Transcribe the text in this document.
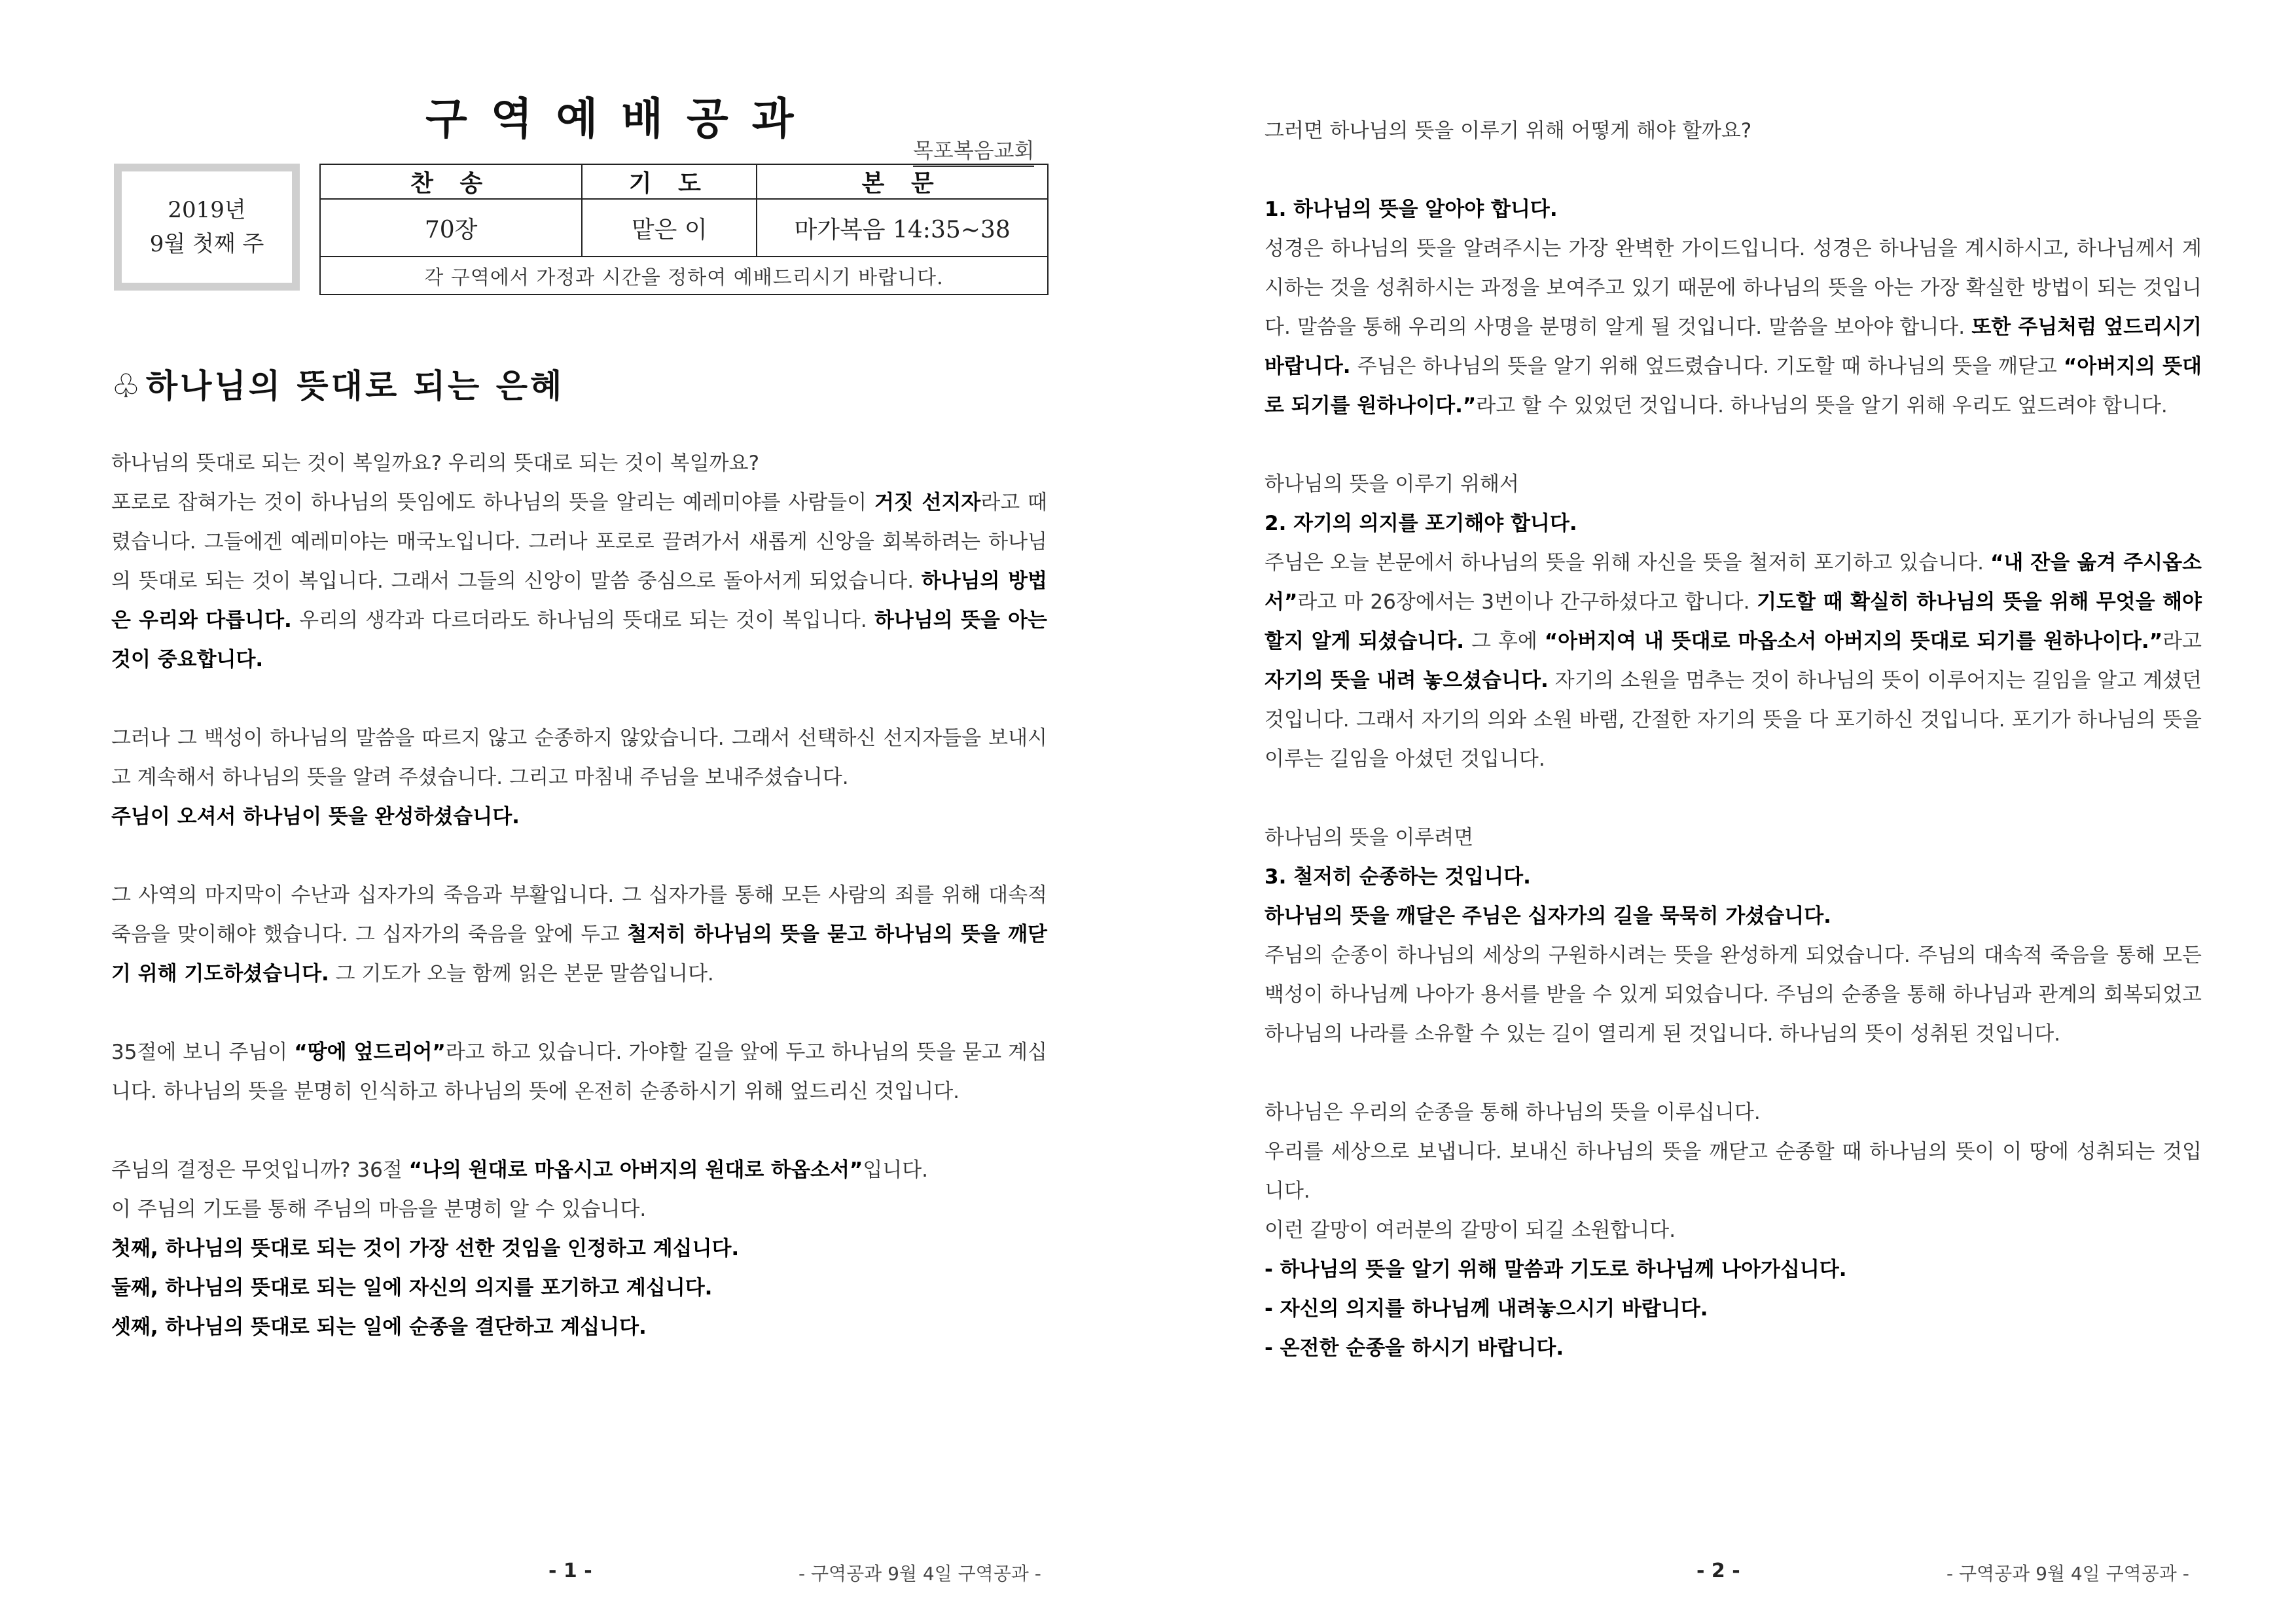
구역예배공과
목포복음교회
2019년
9월 첫째 주
찬 송	기 도	본 문
70장	맡은 이	마가복음 14:35~38
각 구역에서 가정과 시간을 정하여 예배드리시기 바랍니다.		
♧하나님의 뜻대로 되는 은혜

하나님의 뜻대로 되는 것이 복일까요? 우리의 뜻대로 되는 것이 복일까요?

포로로 잡혀가는 것이 하나님의 뜻임에도 하나님의 뜻을 알리는 예레미야를 사람들이 거짓 선지자라고 때렸습니다. 그들에겐 예레미야는 매국노입니다. 그러나 포로로 끌려가서 새롭게 신앙을 회복하려는 하나님의 뜻대로 되는 것이 복입니다. 그래서 그들의 신앙이 말씀 중심으로 돌아서게 되었습니다. 하나님의 방법은 우리와 다릅니다. 우리의 생각과 다르더라도 하나님의 뜻대로 되는 것이 복입니다. 하나님의 뜻을 아는 것이 중요합니다.

그러나 그 백성이 하나님의 말씀을 따르지 않고 순종하지 않았습니다. 그래서 선택하신 선지자들을 보내시고 계속해서 하나님의 뜻을 알려 주셨습니다. 그리고 마침내 주님을 보내주셨습니다.

주님이 오셔서 하나님이 뜻을 완성하셨습니다.

그 사역의 마지막이 수난과 십자가의 죽음과 부활입니다. 그 십자가를 통해 모든 사람의 죄를 위해 대속적 죽음을 맞이해야 했습니다. 그 십자가의 죽음을 앞에 두고 철저히 하나님의 뜻을 묻고 하나님의 뜻을 깨닫기 위해 기도하셨습니다. 그 기도가 오늘 함께 읽은 본문 말씀입니다.

35절에 보니 주님이 “땅에 엎드리어”라고 하고 있습니다. 가야할 길을 앞에 두고 하나님의 뜻을 묻고 계십니다. 하나님의 뜻을 분명히 인식하고 하나님의 뜻에 온전히 순종하시기 위해 엎드리신 것입니다.

주님의 결정은 무엇입니까? 36절 “나의 원대로 마옵시고 아버지의 원대로 하옵소서”입니다.

이 주님의 기도를 통해 주님의 마음을 분명히 알 수 있습니다.

첫째, 하나님의 뜻대로 되는 것이 가장 선한 것임을 인정하고 계십니다.

둘째, 하나님의 뜻대로 되는 일에 자신의 의지를 포기하고 계십니다.

셋째, 하나님의 뜻대로 되는 일에 순종을 결단하고 계십니다.

- 1 -	- 구역공과 9월 4일 구역공과 -

그러면 하나님의 뜻을 이루기 위해 어떻게 해야 할까요?

1. 하나님의 뜻을 알아야 합니다.

성경은 하나님의 뜻을 알려주시는 가장 완벽한 가이드입니다. 성경은 하나님을 계시하시고, 하나님께서 계시하는 것을 성취하시는 과정을 보여주고 있기 때문에 하나님의 뜻을 아는 가장 확실한 방법이 되는 것입니다. 말씀을 통해 우리의 사명을 분명히 알게 될 것입니다. 말씀을 보아야 합니다. 또한 주님처럼 엎드리시기 바랍니다. 주님은 하나님의 뜻을 알기 위해 엎드렸습니다. 기도할 때 하나님의 뜻을 깨닫고 “아버지의 뜻대로 되기를 원하나이다.”라고 할 수 있었던 것입니다. 하나님의 뜻을 알기 위해 우리도 엎드려야 합니다.

하나님의 뜻을 이루기 위해서

2. 자기의 의지를 포기해야 합니다.

주님은 오늘 본문에서 하나님의 뜻을 위해 자신을 뜻을 철저히 포기하고 있습니다. “내 잔을 옮겨 주시옵소서”라고 마 26장에서는 3번이나 간구하셨다고 합니다. 기도할 때 확실히 하나님의 뜻을 위해 무엇을 해야 할지 알게 되셨습니다. 그 후에 “아버지여 내 뜻대로 마옵소서 아버지의 뜻대로 되기를 원하나이다.”라고 자기의 뜻을 내려 놓으셨습니다. 자기의 소원을 멈추는 것이 하나님의 뜻이 이루어지는 길임을 알고 계셨던 것입니다. 그래서 자기의 의와 소원 바램, 간절한 자기의 뜻을 다 포기하신 것입니다. 포기가 하나님의 뜻을 이루는 길임을 아셨던 것입니다.

하나님의 뜻을 이루려면

3. 철저히 순종하는 것입니다.

하나님의 뜻을 깨달은 주님은 십자가의 길을 묵묵히 가셨습니다.

주님의 순종이 하나님의 세상의 구원하시려는 뜻을 완성하게 되었습니다. 주님의 대속적 죽음을 통해 모든 백성이 하나님께 나아가 용서를 받을 수 있게 되었습니다. 주님의 순종을 통해 하나님과 관계의 회복되었고 하나님의 나라를 소유할 수 있는 길이 열리게 된 것입니다. 하나님의 뜻이 성취된 것입니다.

하나님은 우리의 순종을 통해 하나님의 뜻을 이루십니다.

우리를 세상으로 보냅니다. 보내신 하나님의 뜻을 깨닫고 순종할 때 하나님의 뜻이 이 땅에 성취되는 것입니다.

이런 갈망이 여러분의 갈망이 되길 소원합니다.

- 하나님의 뜻을 알기 위해 말씀과 기도로 하나님께 나아가십니다.

- 자신의 의지를 하나님께 내려놓으시기 바랍니다.

- 온전한 순종을 하시기 바랍니다.

- 2 -	- 구역공과 9월 4일 구역공과 -
